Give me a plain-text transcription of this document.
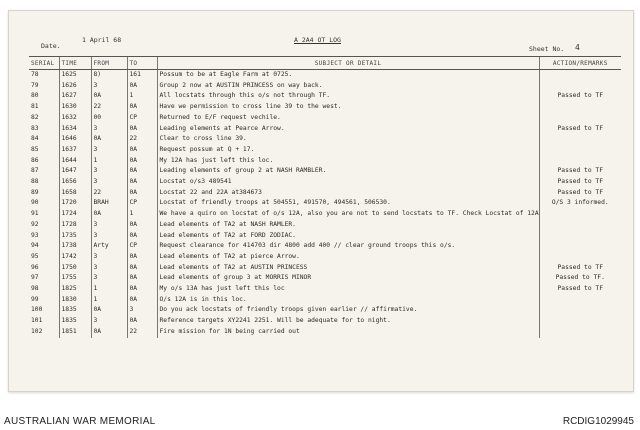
Date.
1 April 68	A 2A4 OT LOG
Sheet No. 4
SERIAL	TIME	FROM	TO	SUBJECT OR DETAIL	ACTION/REMARKS
78	1625	8)	161	Possum to be at Eagle Farm at 0725.	
79	1626	3	0A	Group 2 now at AUSTIN PRINCESS on way back.	
80	1627	0A	1	All locstats through this o/s not through TF.	Passed to TF
81	1630	22	0A	Have we permission to cross line 39 to the west.	
82	1632	00	CP	Returned to E/F request vechile.	
83	1634	3	0A	Leading elements at Pearce Arrow.	Passed to TF
84	1646	0A	22	Clear to cross line 39.	
85	1637	3	0A	Request possum at Q + 17.	
86	1644	1	0A	My 12A has just left this loc.	
87	1647	3	0A	Leading elements of group 2 at NASH RAMBLER.	Passed to TF
88	1656	3	0A	Locstat o/s3 489541	Passed to TF
89	1658	22	0A	Locstat 22 and 22A at384673	Passed to TF
90	1720	BRAH	CP	Locstat of friendly troops at 504551, 491570, 494561, 506530.	O/S 3 informed.
91	1724	0A	1	We have a quiro on locstat of o/s 12A, also you are not to send locstats to TF. Check Locstat of 12A	
92	1728	3	0A	Lead elements of TA2 at NASH RAMLER.	
93	1735	3	0A	Lead elements of TA2 at FORD ZODIAC.	
94	1738	Arty	CP	Request clearance for 414703 dir 4800 add 400 // clear ground troops this o/s.	
95	1742	3	0A	Lead elements of TA2 at pierce Arrow.	
96	1750	3	0A	Lead elements of TA2 at AUSTIN PRINCESS	Passed to TF
97	1755	3	0A	Lead elements of group 3 at MORRIS MINOR	Passed to TF.
98	1825	1	0A	My o/s 13A has just left this loc	Passed to TF
99	1830	1	0A	O/s 12A is in this loc.	
100	1835	0A	3	Do you ack locstats of friendly troops given earlier // affirmative.	
101	1835	3	0A	Reference targets XY2241 2251. Will be adequate for to night.	
102	1851	0A	22	Fire mission for 1N being carried out	
AUSTRALIAN WAR MEMORIAL	RCDIG1029945
